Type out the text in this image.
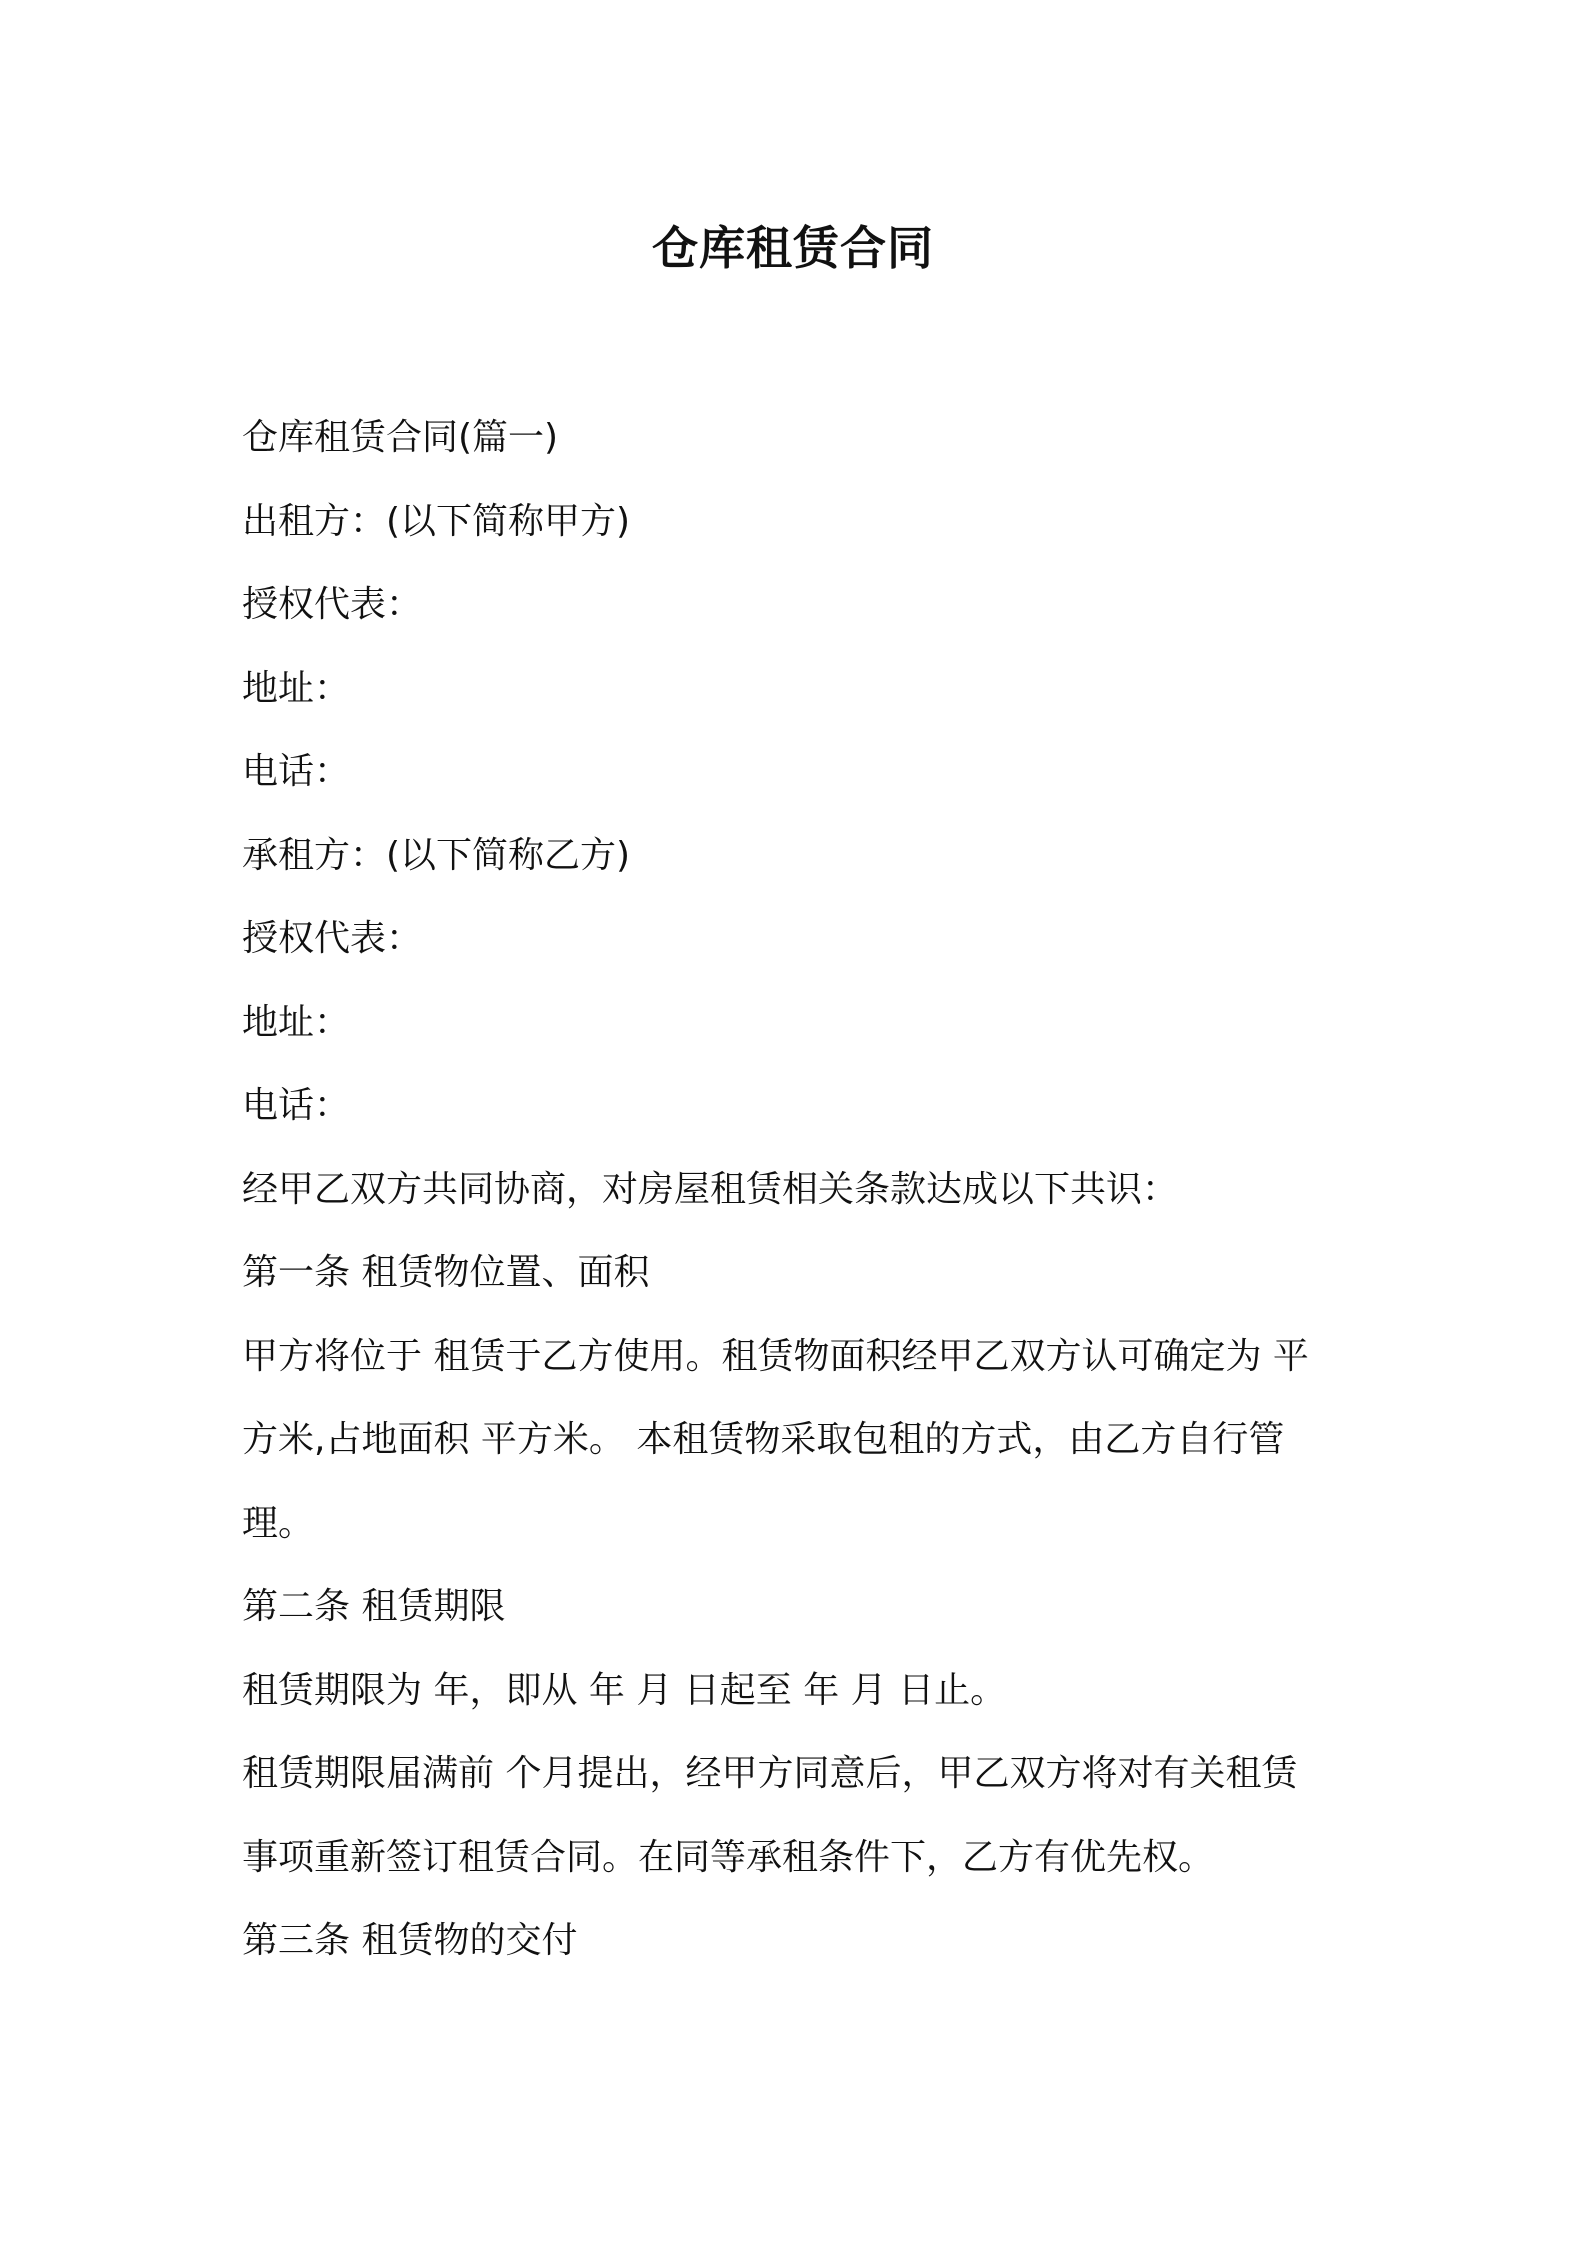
仓库租赁合同

仓库租赁合同(篇一)

出租方：(以下简称甲方)

授权代表：

地址：

电话：

承租方：(以下简称乙方)

授权代表：

地址：

电话：

经甲乙双方共同协商，对房屋租赁相关条款达成以下共识：

第一条 租赁物位置、面积

甲方将位于 租赁于乙方使用。租赁物面积经甲乙双方认可确定为 平

方米,占地面积 平方米。 本租赁物采取包租的方式，由乙方自行管

理。

第二条 租赁期限

租赁期限为 年，即从 年 月 日起至 年 月 日止。

租赁期限届满前 个月提出，经甲方同意后，甲乙双方将对有关租赁

事项重新签订租赁合同。在同等承租条件下，乙方有优先权。

第三条 租赁物的交付
